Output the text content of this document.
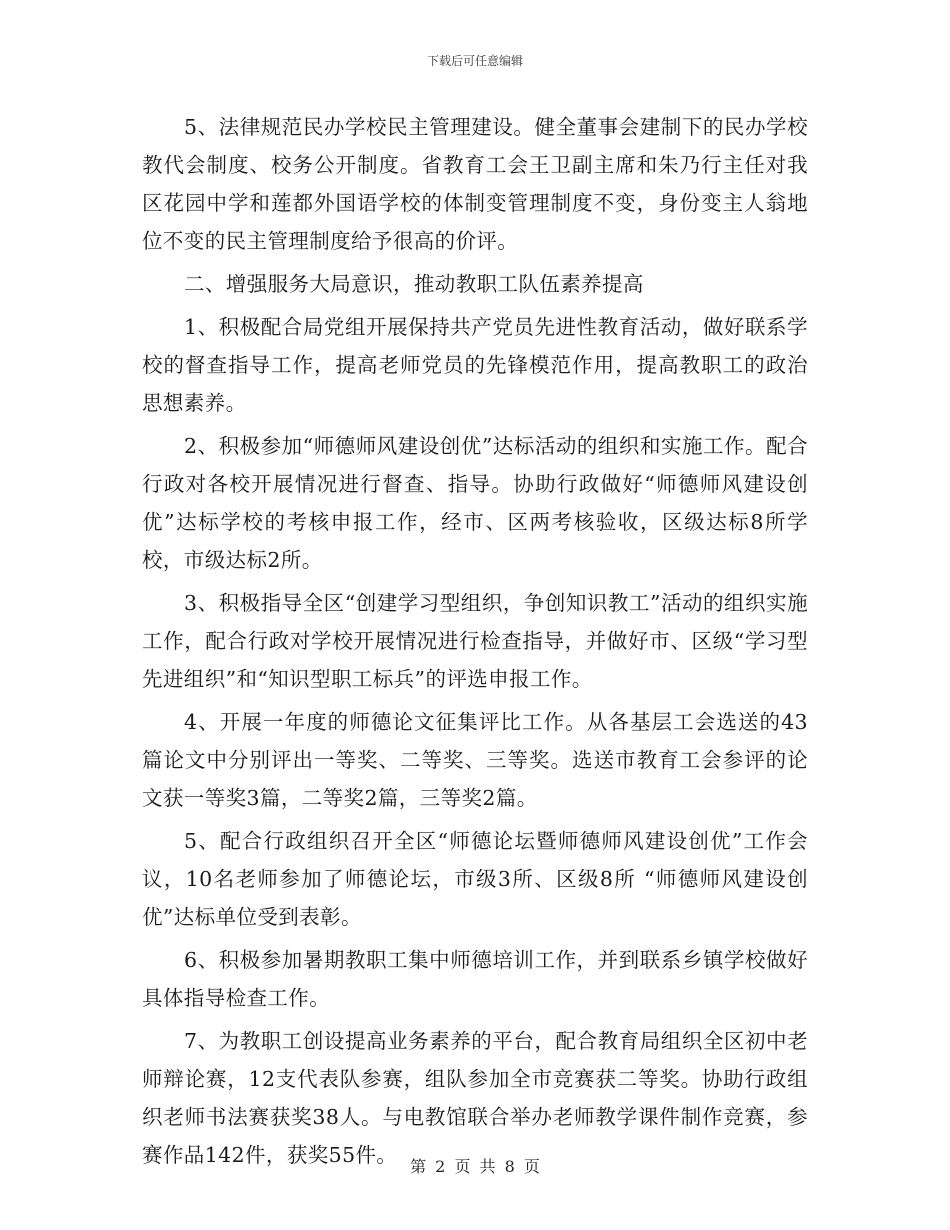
下载后可任意编辑

5、法律规范民办学校民主管理建设。健全董事会建制下的民办学校教代会制度、校务公开制度。省教育工会王卫副主席和朱乃行主任对我区花园中学和莲都外国语学校的体制变管理制度不变，身份变主人翁地位不变的民主管理制度给予很高的价评。

二、增强服务大局意识，推动教职工队伍素养提高

1、积极配合局党组开展保持共产党员先进性教育活动，做好联系学校的督查指导工作，提高老师党员的先锋模范作用，提高教职工的政治思想素养。

2、积极参加“师德师风建设创优”达标活动的组织和实施工作。配合行政对各校开展情况进行督查、指导。协助行政做好“师德师风建设创优”达标学校的考核申报工作，经市、区两考核验收，区级达标8所学校，市级达标2所。

3、积极指导全区“创建学习型组织，争创知识教工”活动的组织实施工作，配合行政对学校开展情况进行检查指导，并做好市、区级“学习型先进组织”和“知识型职工标兵”的评选申报工作。

4、开展一年度的师德论文征集评比工作。从各基层工会选送的43篇论文中分别评出一等奖、二等奖、三等奖。选送市教育工会参评的论文获一等奖3篇，二等奖2篇，三等奖2篇。

5、配合行政组织召开全区“师德论坛暨师德师风建设创优”工作会议，10名老师参加了师德论坛，市级3所、区级8所 “师德师风建设创优”达标单位受到表彰。

6、积极参加暑期教职工集中师德培训工作，并到联系乡镇学校做好具体指导检查工作。

7、为教职工创设提高业务素养的平台，配合教育局组织全区初中老师辩论赛，12支代表队参赛，组队参加全市竞赛获二等奖。协助行政组织老师书法赛获奖38人。与电教馆联合举办老师教学课件制作竞赛，参赛作品142件，获奖55件。 第 2 页 共 8 页
